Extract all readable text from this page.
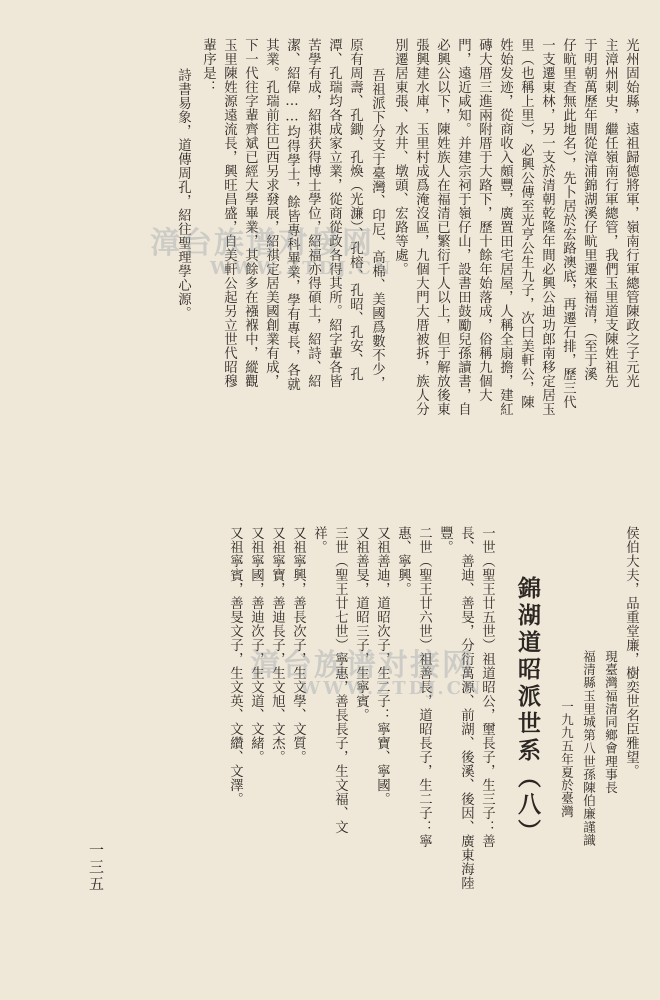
光州固始縣，遠祖歸德將軍，嶺南行軍總管陳政之子元光
主漳州刺史，繼任嶺南行軍總管，我們玉里道支陳姓祖先
于明朝萬歷年間從漳浦錦湖溪仔㽘里遷來福清，（至于溪
仔㽘里查無此地名），先卜居於宏路澳底，再遷石排，歷三代
一支遷東林，另一支於清朝乾隆年間必興公迪功郎南移定居玉
里（也稱上里），必興公傳至光亨公生九子，次曰美軒公，陳
姓始发迹，從商收入頗豐，廣置田宅居屋，人稱全扇擔，建紅
磚大厝三進兩附厝于大路下，歷十餘年始落成，俗稱九個大
門，遠近咸知。并建宗祠于嶺仔山，設書田鼓勵兒孫讀書，自
必興公以下，陳姓族人在福清已繁衍千人以上，但于解放後東
張興建水庫，玉里村成爲淹沒區，九個大門大厝被拆，族人分
別遷居東張、水井、墩頭、宏路等處。
吾祖派下分支于臺灣、印尼、高棉、美國爲數不少，
原有周壽、孔鋤、孔煥（光濂）、孔榕、孔昭、孔安、孔
潭、孔瑞均各成家立業，從商從政各得其所。紹字輩各皆
苦學有成，紹祺获得博士學位，紹福亦得碩士，紹詩、紹
潔、紹偉……均得學士，餘皆專科畢業，學有專長，各就
其業。孔瑞前往巴西另求發展，紹祺定居美國創業有成，
下一代往字輩齊斌已經大學畢業，其餘多在襁褓中，縱觀
玉里陳姓源遠流長，興旺昌盛，自美軒公起另立世代昭穆
輩序是：
詩書易象，道傳周孔，紹往聖理學心源。
侯伯大夫，品重堂廉，樹奕世名臣雅望。
現臺灣福清同鄉會理事長
福清縣玉里城第八世孫陳伯廉謹識
一九九五年夏於臺灣
錦湖道昭派世系（八）
一世（聖王廿五世）祖道昭公，壐長子，生三子：善
長、善迪、善旻，分衍萬源、前湖、後溪、後因、廣東海陸
豐。
二世（聖王廿六世）祖善長，道昭長子，生二子：寧
惠、寧興。
又祖善迪，道昭次子，生二子：寧寶、寧國。
又祖善旻，道昭三子，生寧賓。
三世（聖王廿七世）寧惠，善長長子，生文福、文
祥。
又祖寧興，善長次子，生文學、文質。
又祖寧寶，善迪長子，生文旭、文杰。
又祖寧國，善迪次子，生文道、文緒。
又祖寧賓，善旻文子，生文英、文纘、文澤。
一三五
漳台族谱对接网
WWW.ZTDJ.CN
漳台族谱对接网
WWW.ZTDJ.CN
